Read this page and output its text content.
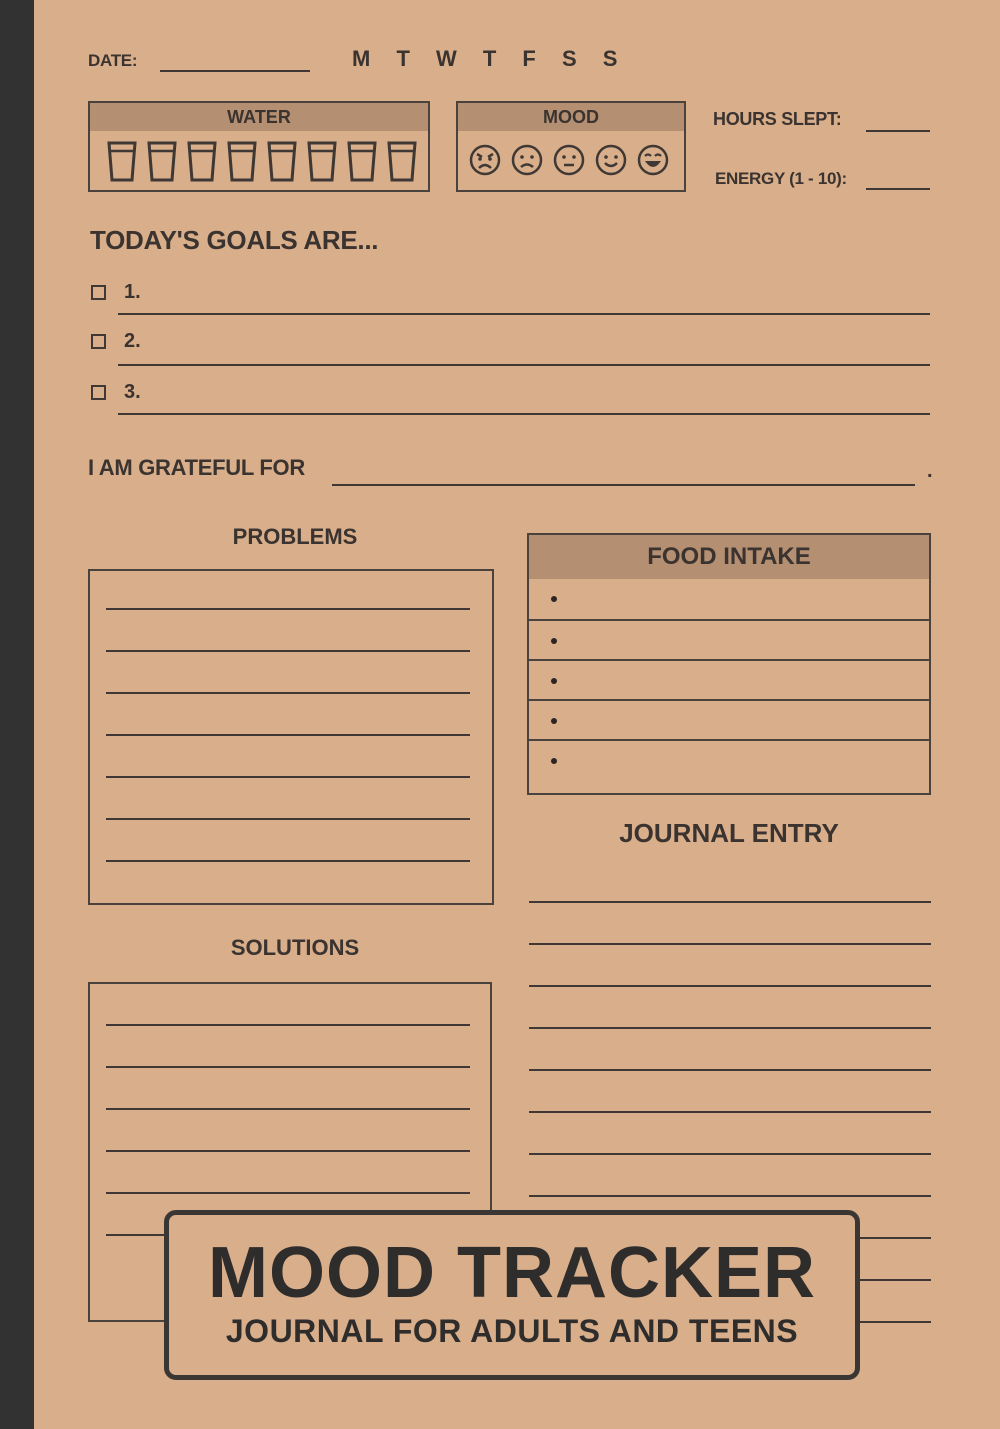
DATE:	M T W T F S S
WATER	MOOD	HOURS SLEPT:
ENERGY (1 - 10):
TODAY'S GOALS ARE...
1.
2.
3.
I AM GRATEFUL FOR	.
PROBLEMS
SOLUTIONS
FOOD INTAKE
JOURNAL ENTRY
MOOD TRACKER
JOURNAL FOR ADULTS AND TEENS
